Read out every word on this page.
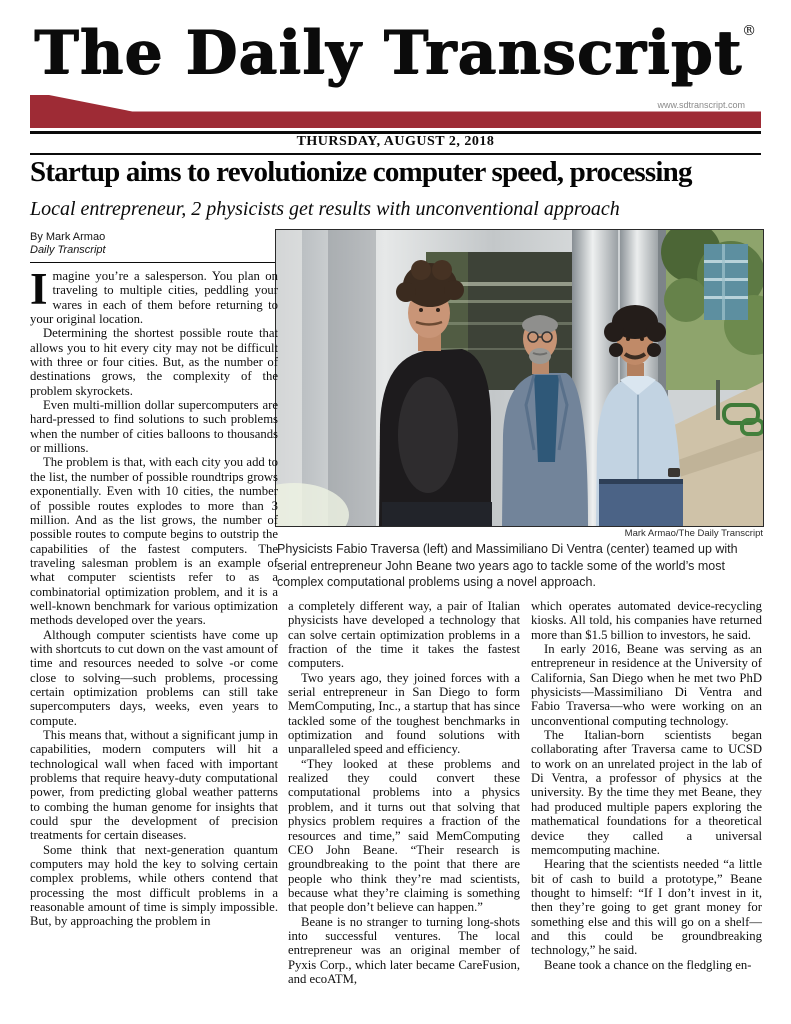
The Daily Transcript®
www.sdtranscript.com
THURSDAY, AUGUST 2, 2018
Startup aims to revolutionize computer speed, processing
Local entrepreneur, 2 physicists get results with unconventional approach
By Mark Armao
Daily Transcript
Mark Armao/The Daily Transcript
Physicists Fabio Traversa (left) and Massimiliano Di Ventra (center) teamed up with serial entrepreneur John Beane two years ago to tackle some of the world’s most complex computational problems using a novel approach.

Imagine you’re a salesperson. You plan on traveling to multiple cities, peddling your wares in each of them before returning to your original location.

Determining the shortest possible route that allows you to hit every city may not be difficult with three or four cities. But, as the number of destinations grows, the complexity of the problem skyrockets.

Even multi-million dollar supercomputers are hard-pressed to find solutions to such problems when the number of cities balloons to thousands or millions.

The problem is that, with each city you add to the list, the number of possible roundtrips grows exponentially. Even with 10 cities, the number of possible routes explodes to more than 3 million. And as the list grows, the number of possible routes to compute begins to outstrip the capabilities of the fastest computers. The traveling salesman problem is an example of what computer scientists refer to as a combinatorial optimization problem, and it is a well-known benchmark for various optimization methods developed over the years.

Although computer scientists have come up with shortcuts to cut down on the vast amount of time and resources needed to solve -or come close to solving—such problems, processing certain optimization problems can still take supercomputers days, weeks, even years to compute.

This means that, without a significant jump in capabilities, modern computers will hit a technological wall when faced with important problems that require heavy-duty computational power, from predicting global weather patterns to combing the human genome for insights that could spur the development of precision treatments for certain diseases.

Some think that next-generation quantum computers may hold the key to solving certain complex problems, while others contend that processing the most difficult problems in a reasonable amount of time is simply impossible. But, by approaching the problem in

a completely different way, a pair of Italian physicists have developed a technology that can solve certain optimization problems in a fraction of the time it takes the fastest computers.

Two years ago, they joined forces with a serial entrepreneur in San Diego to form MemComputing, Inc., a startup that has since tackled some of the toughest benchmarks in optimization and found solutions with unparalleled speed and efficiency.

“They looked at these problems and realized they could convert these computational problems into a physics problem, and it turns out that solving that physics problem requires a fraction of the resources and time,” said MemComputing CEO John Beane. “Their research is groundbreaking to the point that there are people who think they’re mad scientists, because what they’re claiming is something that people don’t believe can happen.”

Beane is no stranger to turning long-shots into successful ventures. The local entrepreneur was an original member of Pyxis Corp., which later became CareFusion, and ecoATM,

which operates automated device-recycling kiosks. All told, his companies have returned more than $1.5 billion to investors, he said.

In early 2016, Beane was serving as an entrepreneur in residence at the University of California, San Diego when he met two PhD physicists—Massimiliano Di Ventra and Fabio Traversa—who were working on an unconventional computing technology.

The Italian-born scientists began collaborating after Traversa came to UCSD to work on an unrelated project in the lab of Di Ventra, a professor of physics at the university. By the time they met Beane, they had produced multiple papers exploring the mathematical foundations for a theoretical device they called a universal memcomputing machine.

Hearing that the scientists needed “a little bit of cash to build a prototype,” Beane thought to himself: “If I don’t invest in it, then they’re going to get grant money for something else and this will go on a shelf—and this could be groundbreaking technology,” he said.

Beane took a chance on the fledgling en-
